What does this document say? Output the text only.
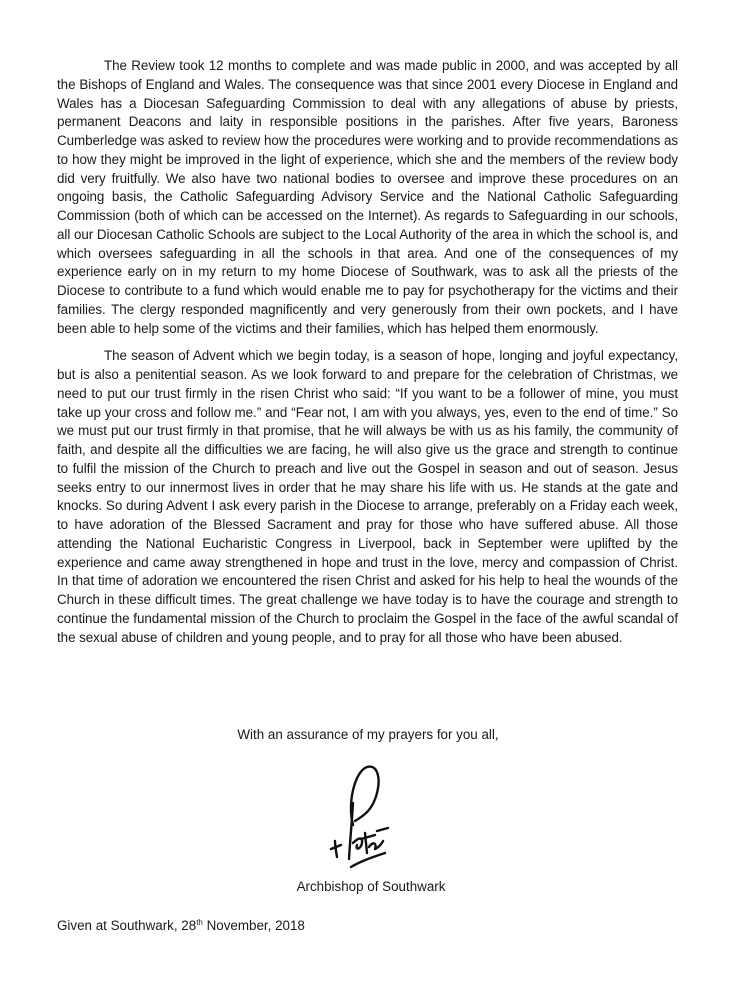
The Review took 12 months to complete and was made public in 2000, and was accepted by all the Bishops of England and Wales. The consequence was that since 2001 every Diocese in England and Wales has a Diocesan Safeguarding Commission to deal with any allegations of abuse by priests, permanent Deacons and laity in responsible positions in the parishes. After five years, Baroness Cumberledge was asked to review how the procedures were working and to provide recommendations as to how they might be improved in the light of experience, which she and the members of the review body did very fruitfully. We also have two national bodies to oversee and improve these procedures on an ongoing basis, the Catholic Safeguarding Advisory Service and the National Catholic Safeguarding Commission (both of which can be accessed on the Internet). As regards to Safeguarding in our schools, all our Diocesan Catholic Schools are subject to the Local Authority of the area in which the school is, and which oversees safeguarding in all the schools in that area. And one of the consequences of my experience early on in my return to my home Diocese of Southwark, was to ask all the priests of the Diocese to contribute to a fund which would enable me to pay for psychotherapy for the victims and their families. The clergy responded magnificently and very generously from their own pockets, and I have been able to help some of the victims and their families, which has helped them enormously.

The season of Advent which we begin today, is a season of hope, longing and joyful expectancy, but is also a penitential season. As we look forward to and prepare for the celebration of Christmas, we need to put our trust firmly in the risen Christ who said: “If you want to be a follower of mine, you must take up your cross and follow me.” and “Fear not, I am with you always, yes, even to the end of time.” So we must put our trust firmly in that promise, that he will always be with us as his family, the community of faith, and despite all the difficulties we are facing, he will also give us the grace and strength to continue to fulfil the mission of the Church to preach and live out the Gospel in season and out of season. Jesus seeks entry to our innermost lives in order that he may share his life with us. He stands at the gate and knocks. So during Advent I ask every parish in the Diocese to arrange, preferably on a Friday each week, to have adoration of the Blessed Sacrament and pray for those who have suffered abuse. All those attending the National Eucharistic Congress in Liverpool, back in September were uplifted by the experience and came away strengthened in hope and trust in the love, mercy and compassion of Christ. In that time of adoration we encountered the risen Christ and asked for his help to heal the wounds of the Church in these difficult times. The great challenge we have today is to have the courage and strength to continue the fundamental mission of the Church to proclaim the Gospel in the face of the awful scandal of the sexual abuse of children and young people, and to pray for all those who have been abused.

With an assurance of my prayers for you all,
Archbishop of Southwark
Given at Southwark, 28th November, 2018
